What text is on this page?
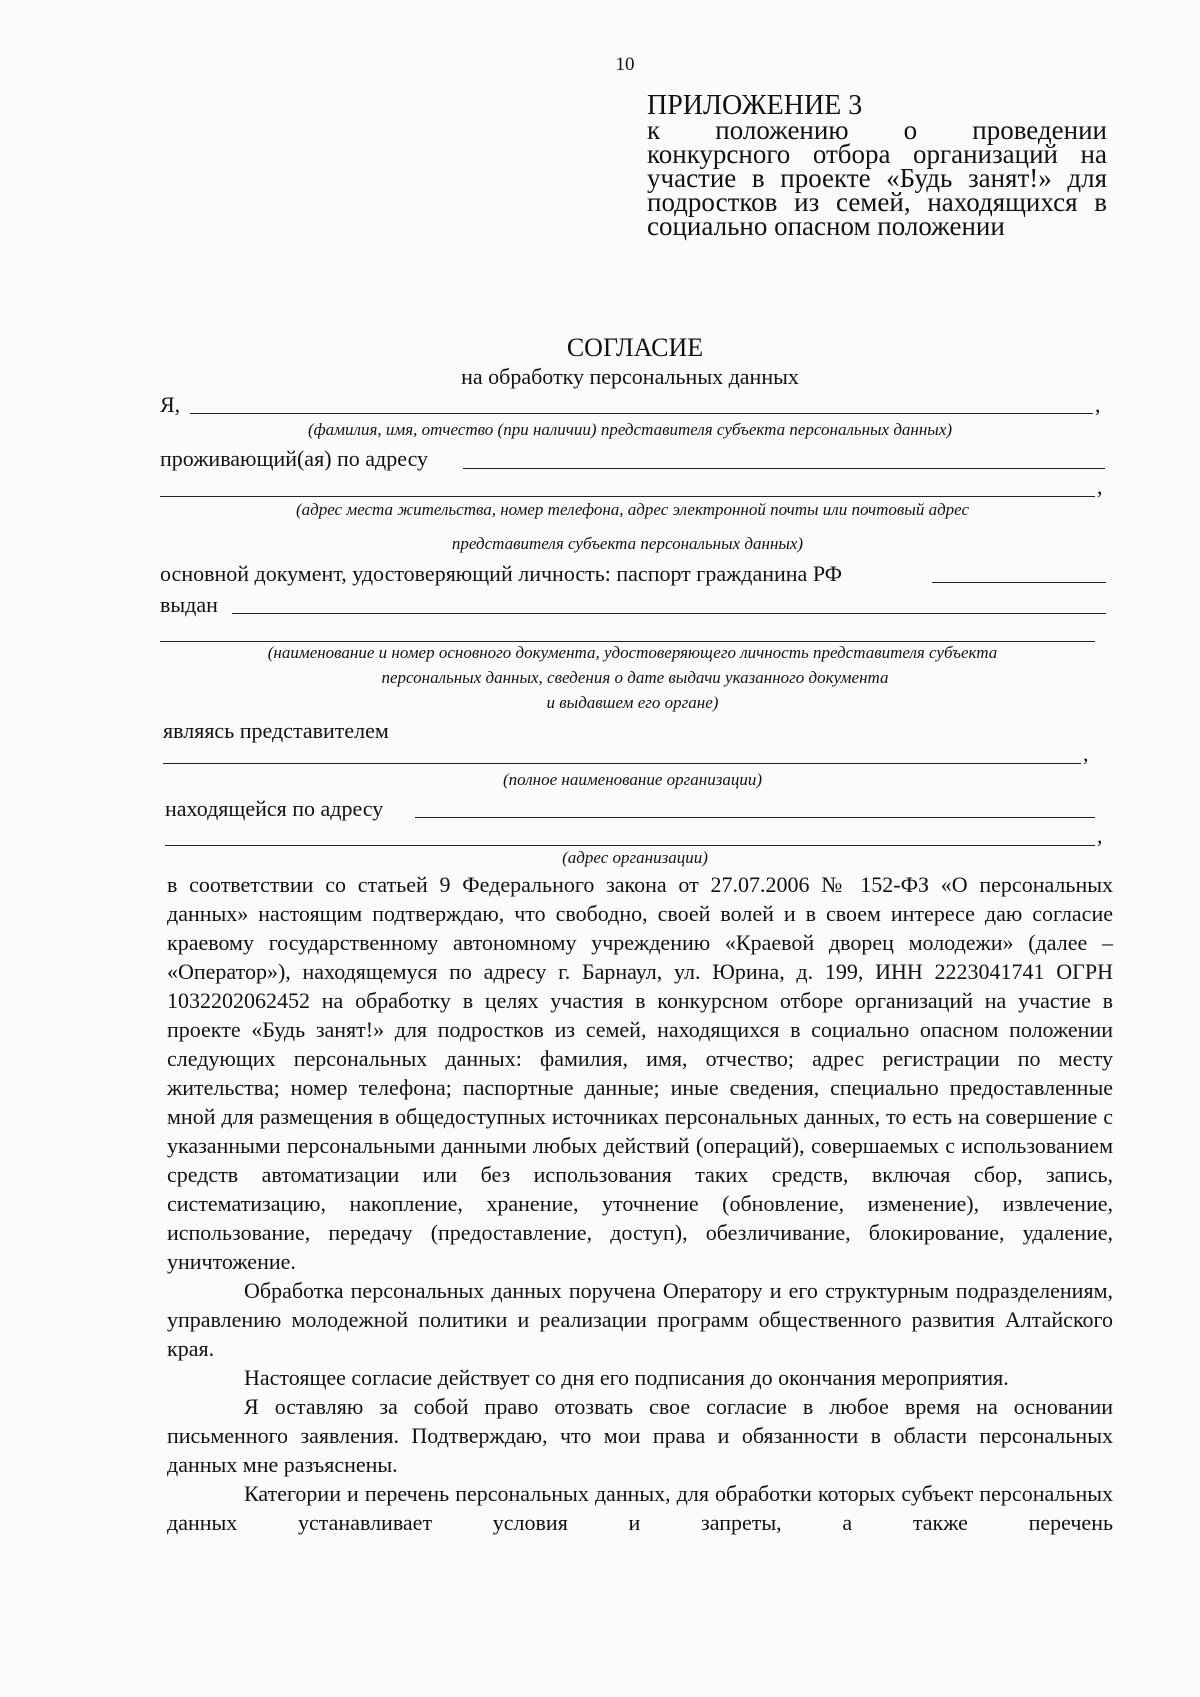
10
ПРИЛОЖЕНИЕ 3
к положению о проведении
конкурсного отбора организаций на
участие в проекте «Будь занят!» для
подростков из семей, находящихся в
социально опасном положении
СОГЛАСИЕ
на обработку персональных данных
Я,	,
(фамилия, имя, отчество (при наличии) представителя субъекта персональных данных)
проживающий(ая) по адресу
,
(адрес места жительства, номер телефона, адрес электронной почты или почтовый адрес
представителя субъекта персональных данных)
основной документ, удостоверяющий личность: паспорт гражданина РФ
выдан
(наименование и номер основного документа, удостоверяющего личность представителя субъекта
персональных данных, сведения о дате выдачи указанного документа
и выдавшем его органе)
являясь представителем
,
(полное наименование организации)
находящейся по адресу
,
(адрес организации)

в соответствии со статьей 9 Федерального закона от 27.07.2006 № 152-ФЗ «О персональных данных» настоящим подтверждаю, что свободно, своей волей и в своем интересе даю согласие краевому государственному автономному учреждению «Краевой дворец молодежи» (далее – «Оператор»), находящемуся по адресу г. Барнаул, ул. Юрина, д. 199, ИНН 2223041741 ОГРН 1032202062452 на обработку в целях участия в конкурсном отборе организаций на участие в проекте «Будь занят!» для подростков из семей, находящихся в социально опасном положении следующих персональных данных: фамилия, имя, отчество; адрес регистрации по месту жительства; номер телефона; паспортные данные; иные сведения, специально предоставленные мной для размещения в общедоступных источниках персональных данных, то есть на совершение с указанными персональными данными любых действий (операций), совершаемых с использованием средств автоматизации или без использования таких средств, включая сбор, запись, систематизацию, накопление, хранение, уточнение (обновление, изменение), извлечение, использование, передачу (предоставление, доступ), обезличивание, блокирование, удаление, уничтожение.

Обработка персональных данных поручена Оператору и его структурным подразделениям, управлению молодежной политики и реализации программ общественного развития Алтайского края.

Настоящее согласие действует со дня его подписания до окончания мероприятия.

Я оставляю за собой право отозвать свое согласие в любое время на основании письменного заявления. Подтверждаю, что мои права и обязанности в области персональных данных мне разъяснены.

Категории и перечень персональных данных, для обработки которых субъект персональных данных устанавливает условия и запреты, а также перечень
